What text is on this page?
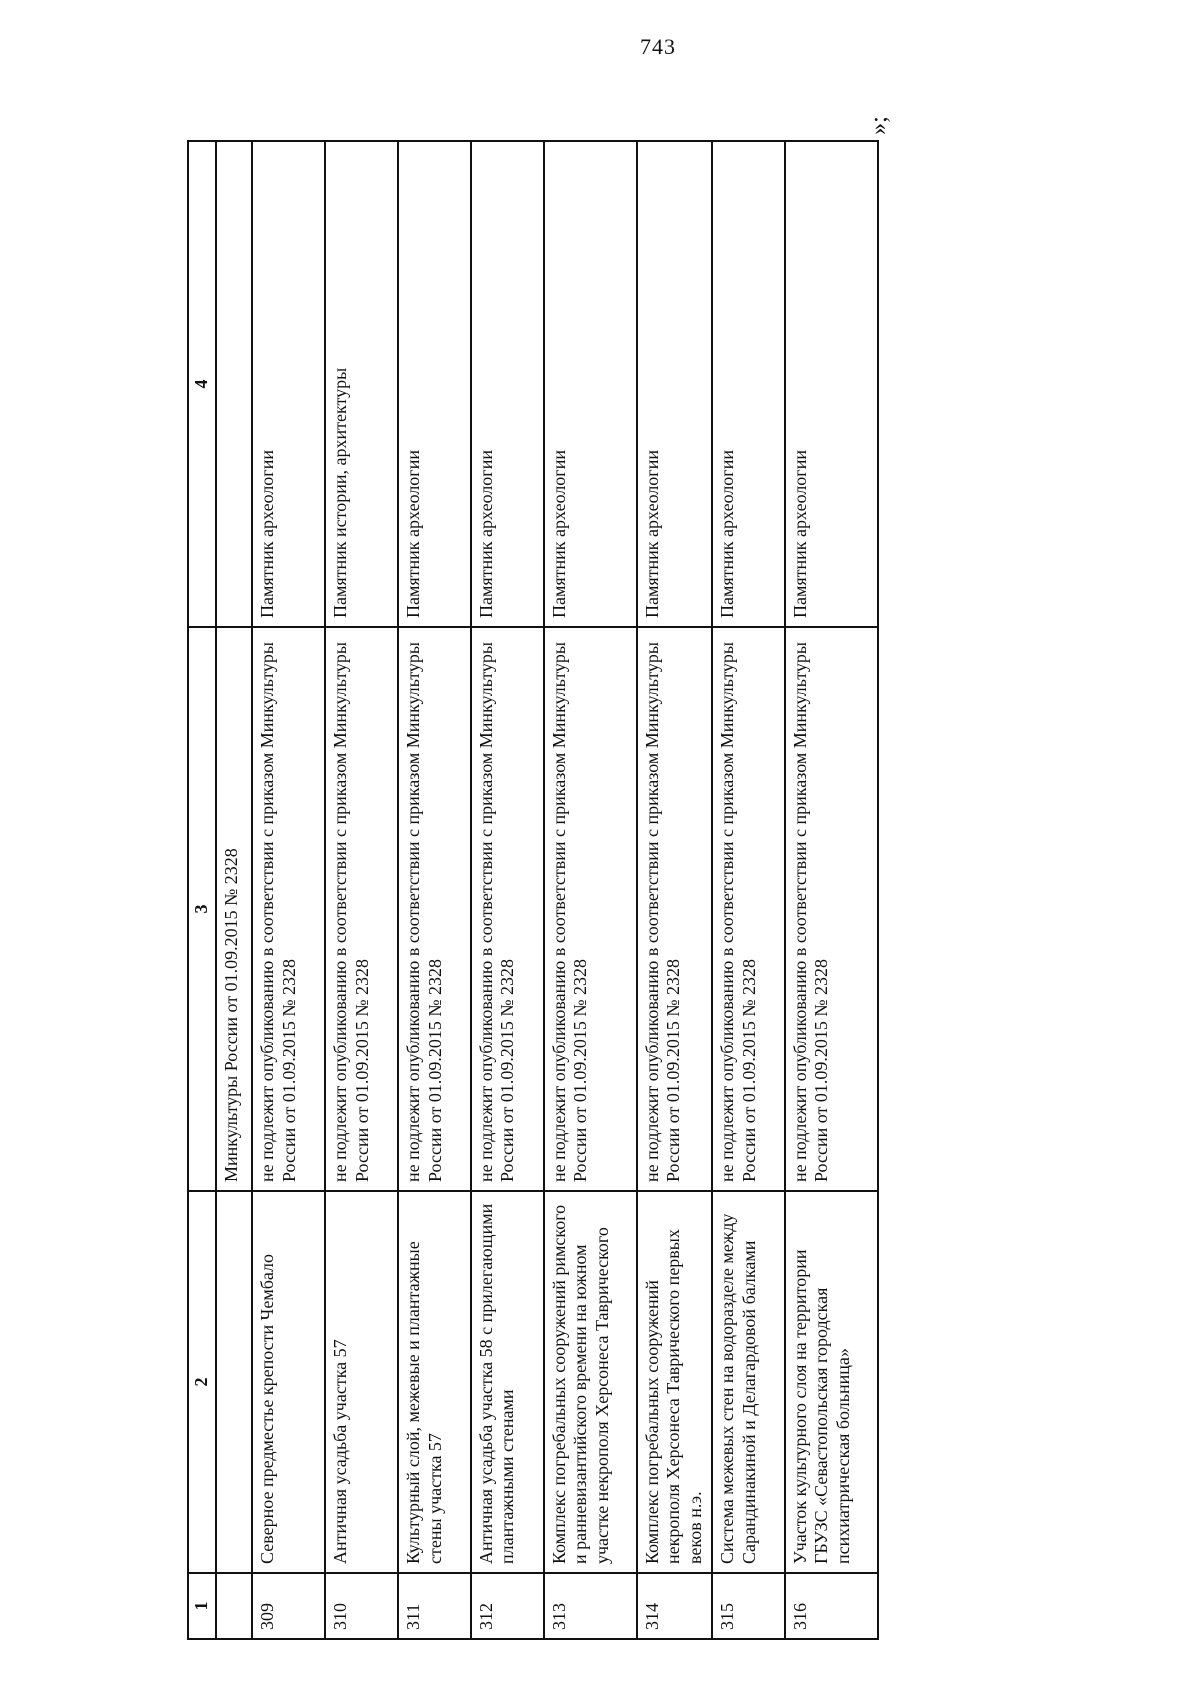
743
»;
1	2	3	4
		Минкультуры России от 01.09.2015 № 2328	
309	Северное предместье крепости Чембало	не подлежит опубликованию в соответствии с приказом Минкультуры России от 01.09.2015 № 2328	Памятник археологии
310	Античная усадьба участка 57	не подлежит опубликованию в соответствии с приказом Минкультуры России от 01.09.2015 № 2328	Памятник истории, архитектуры
311	Культурный слой, межевые и плантажные стены участка 57	не подлежит опубликованию в соответствии с приказом Минкультуры России от 01.09.2015 № 2328	Памятник археологии
312	Античная усадьба участка 58 с прилегающими плантажными стенами	не подлежит опубликованию в соответствии с приказом Минкультуры России от 01.09.2015 № 2328	Памятник археологии
313	Комплекс погребальных сооружений римского и ранневизантийского времени на южном участке некрополя Херсонеса Таврического	не подлежит опубликованию в соответствии с приказом Минкультуры России от 01.09.2015 № 2328	Памятник археологии
314	Комплекс погребальных сооружений некрополя Херсонеса Таврического первых веков н.э.	не подлежит опубликованию в соответствии с приказом Минкультуры России от 01.09.2015 № 2328	Памятник археологии
315	Система межевых стен на водоразделе между Сарандинакиной и Делагардовой балками	не подлежит опубликованию в соответствии с приказом Минкультуры России от 01.09.2015 № 2328	Памятник археологии
316	Участок культурного слоя на территории ГБУЗС «Севастопольская городская психиатрическая больница»	не подлежит опубликованию в соответствии с приказом Минкультуры России от 01.09.2015 № 2328	Памятник археологии
